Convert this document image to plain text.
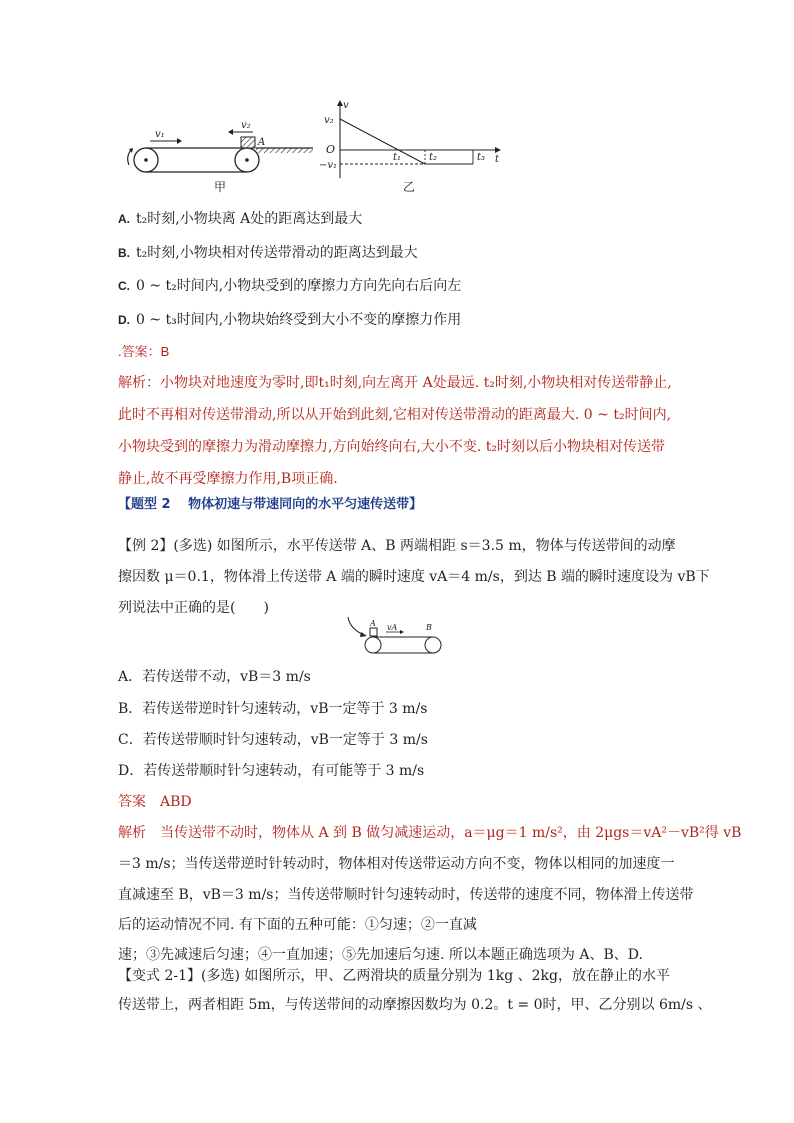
v₁
v₂
A
甲
v
t
v₂
O
−v₁
t₁	t₂	t₃
乙
A. t₂时刻,小物块离 A处的距离达到最大
B. t₂时刻,小物块相对传送带滑动的距离达到最大
C. 0 ~ t₂时间内,小物块受到的摩擦力方向先向右后向左
D. 0 ~ t₃时间内,小物块始终受到大小不变的摩擦力作用
.答案：B
解析：小物块对地速度为零时,即t₁时刻,向左离开 A处最远. t₂时刻,小物块相对传送带静止,
此时不再相对传送带滑动,所以从开始到此刻,它相对传送带滑动的距离最大. 0 ~ t₂时间内,
小物块受到的摩擦力为滑动摩擦力,方向始终向右,大小不变. t₂时刻以后小物块相对传送带
静止,故不再受摩擦力作用,B项正确.
【题型 2　 物体初速与带速同向的水平匀速传送带】
【例 2】(多选) 如图所示，水平传送带 A、B 两端相距 s＝3.5 m，物体与传送带间的动摩
擦因数 μ＝0.1，物体滑上传送带 A 端的瞬时速度 vA＝4 m/s，到达 B 端的瞬时速度设为 vB下
列说法中正确的是(　　)
A vA	B
A．若传送带不动，vB＝3 m/s
B．若传送带逆时针匀速转动，vB一定等于 3 m/s
C．若传送带顺时针匀速转动，vB一定等于 3 m/s
D．若传送带顺时针匀速转动，有可能等于 3 m/s
答案　ABD
解析　当传送带不动时，物体从 A 到 B 做匀减速运动，a＝μg＝1 m/s²，由 2μgs＝vA²－vB²得 vB
＝3 m/s；当传送带逆时针转动时，物体相对传送带运动方向不变，物体以相同的加速度一
直减速至 B，vB＝3 m/s；当传送带顺时针匀速转动时，传送带的速度不同，物体滑上传送带
后的运动情况不同. 有下面的五种可能：①匀速；②一直减
速；③先减速后匀速；④一直加速；⑤先加速后匀速. 所以本题正确选项为 A、B、D.
【变式 2-1】(多选) 如图所示，甲、乙两滑块的质量分别为 1kg 、2kg，放在静止的水平
传送带上，两者相距 5m，与传送带间的动摩擦因数均为 0.2。t = 0时，甲、乙分别以 6m/s 、
